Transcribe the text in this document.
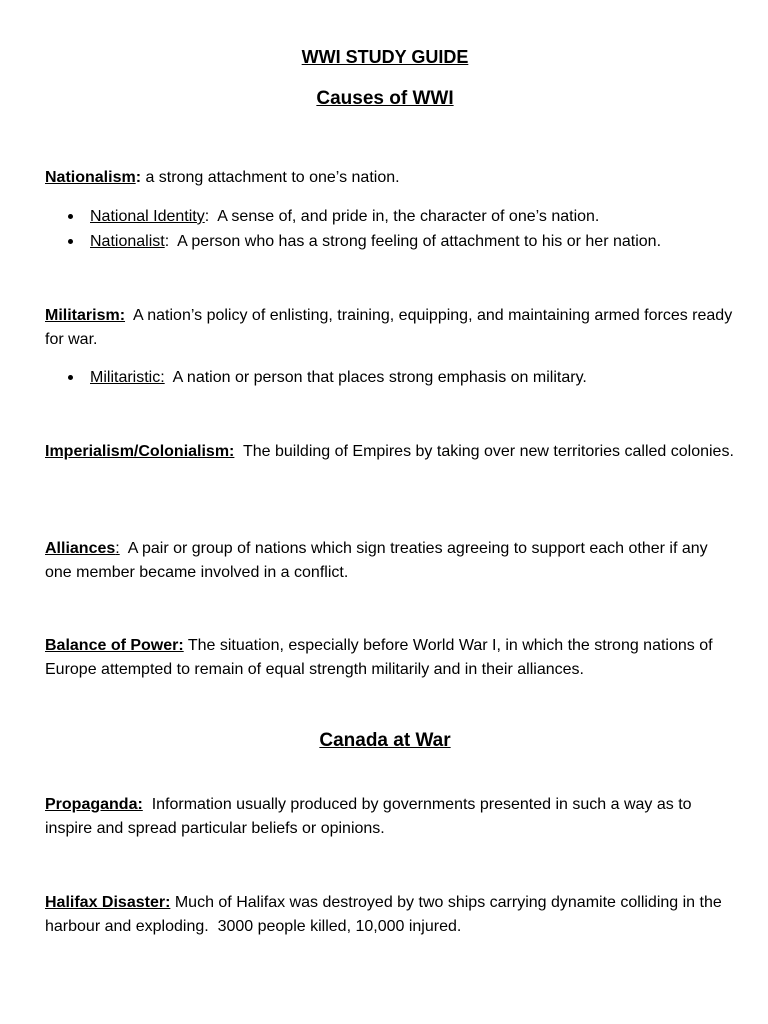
WWI STUDY GUIDE
Causes of WWI
Nationalism: a strong attachment to one’s nation.
National Identity:  A sense of, and pride in, the character of one’s nation.
Nationalist:  A person who has a strong feeling of attachment to his or her nation.
Militarism:  A nation’s policy of enlisting, training, equipping, and maintaining armed forces ready for war.
Militaristic:  A nation or person that places strong emphasis on military.
Imperialism/Colonialism:  The building of Empires by taking over new territories called colonies.
Alliances:  A pair or group of nations which sign treaties agreeing to support each other if any one member became involved in a conflict.
Balance of Power: The situation, especially before World War I, in which the strong nations of Europe attempted to remain of equal strength militarily and in their alliances.
Canada at War
Propaganda:  Information usually produced by governments presented in such a way as to inspire and spread particular beliefs or opinions.
Halifax Disaster: Much of Halifax was destroyed by two ships carrying dynamite colliding in the harbour and exploding.  3000 people killed, 10,000 injured.
